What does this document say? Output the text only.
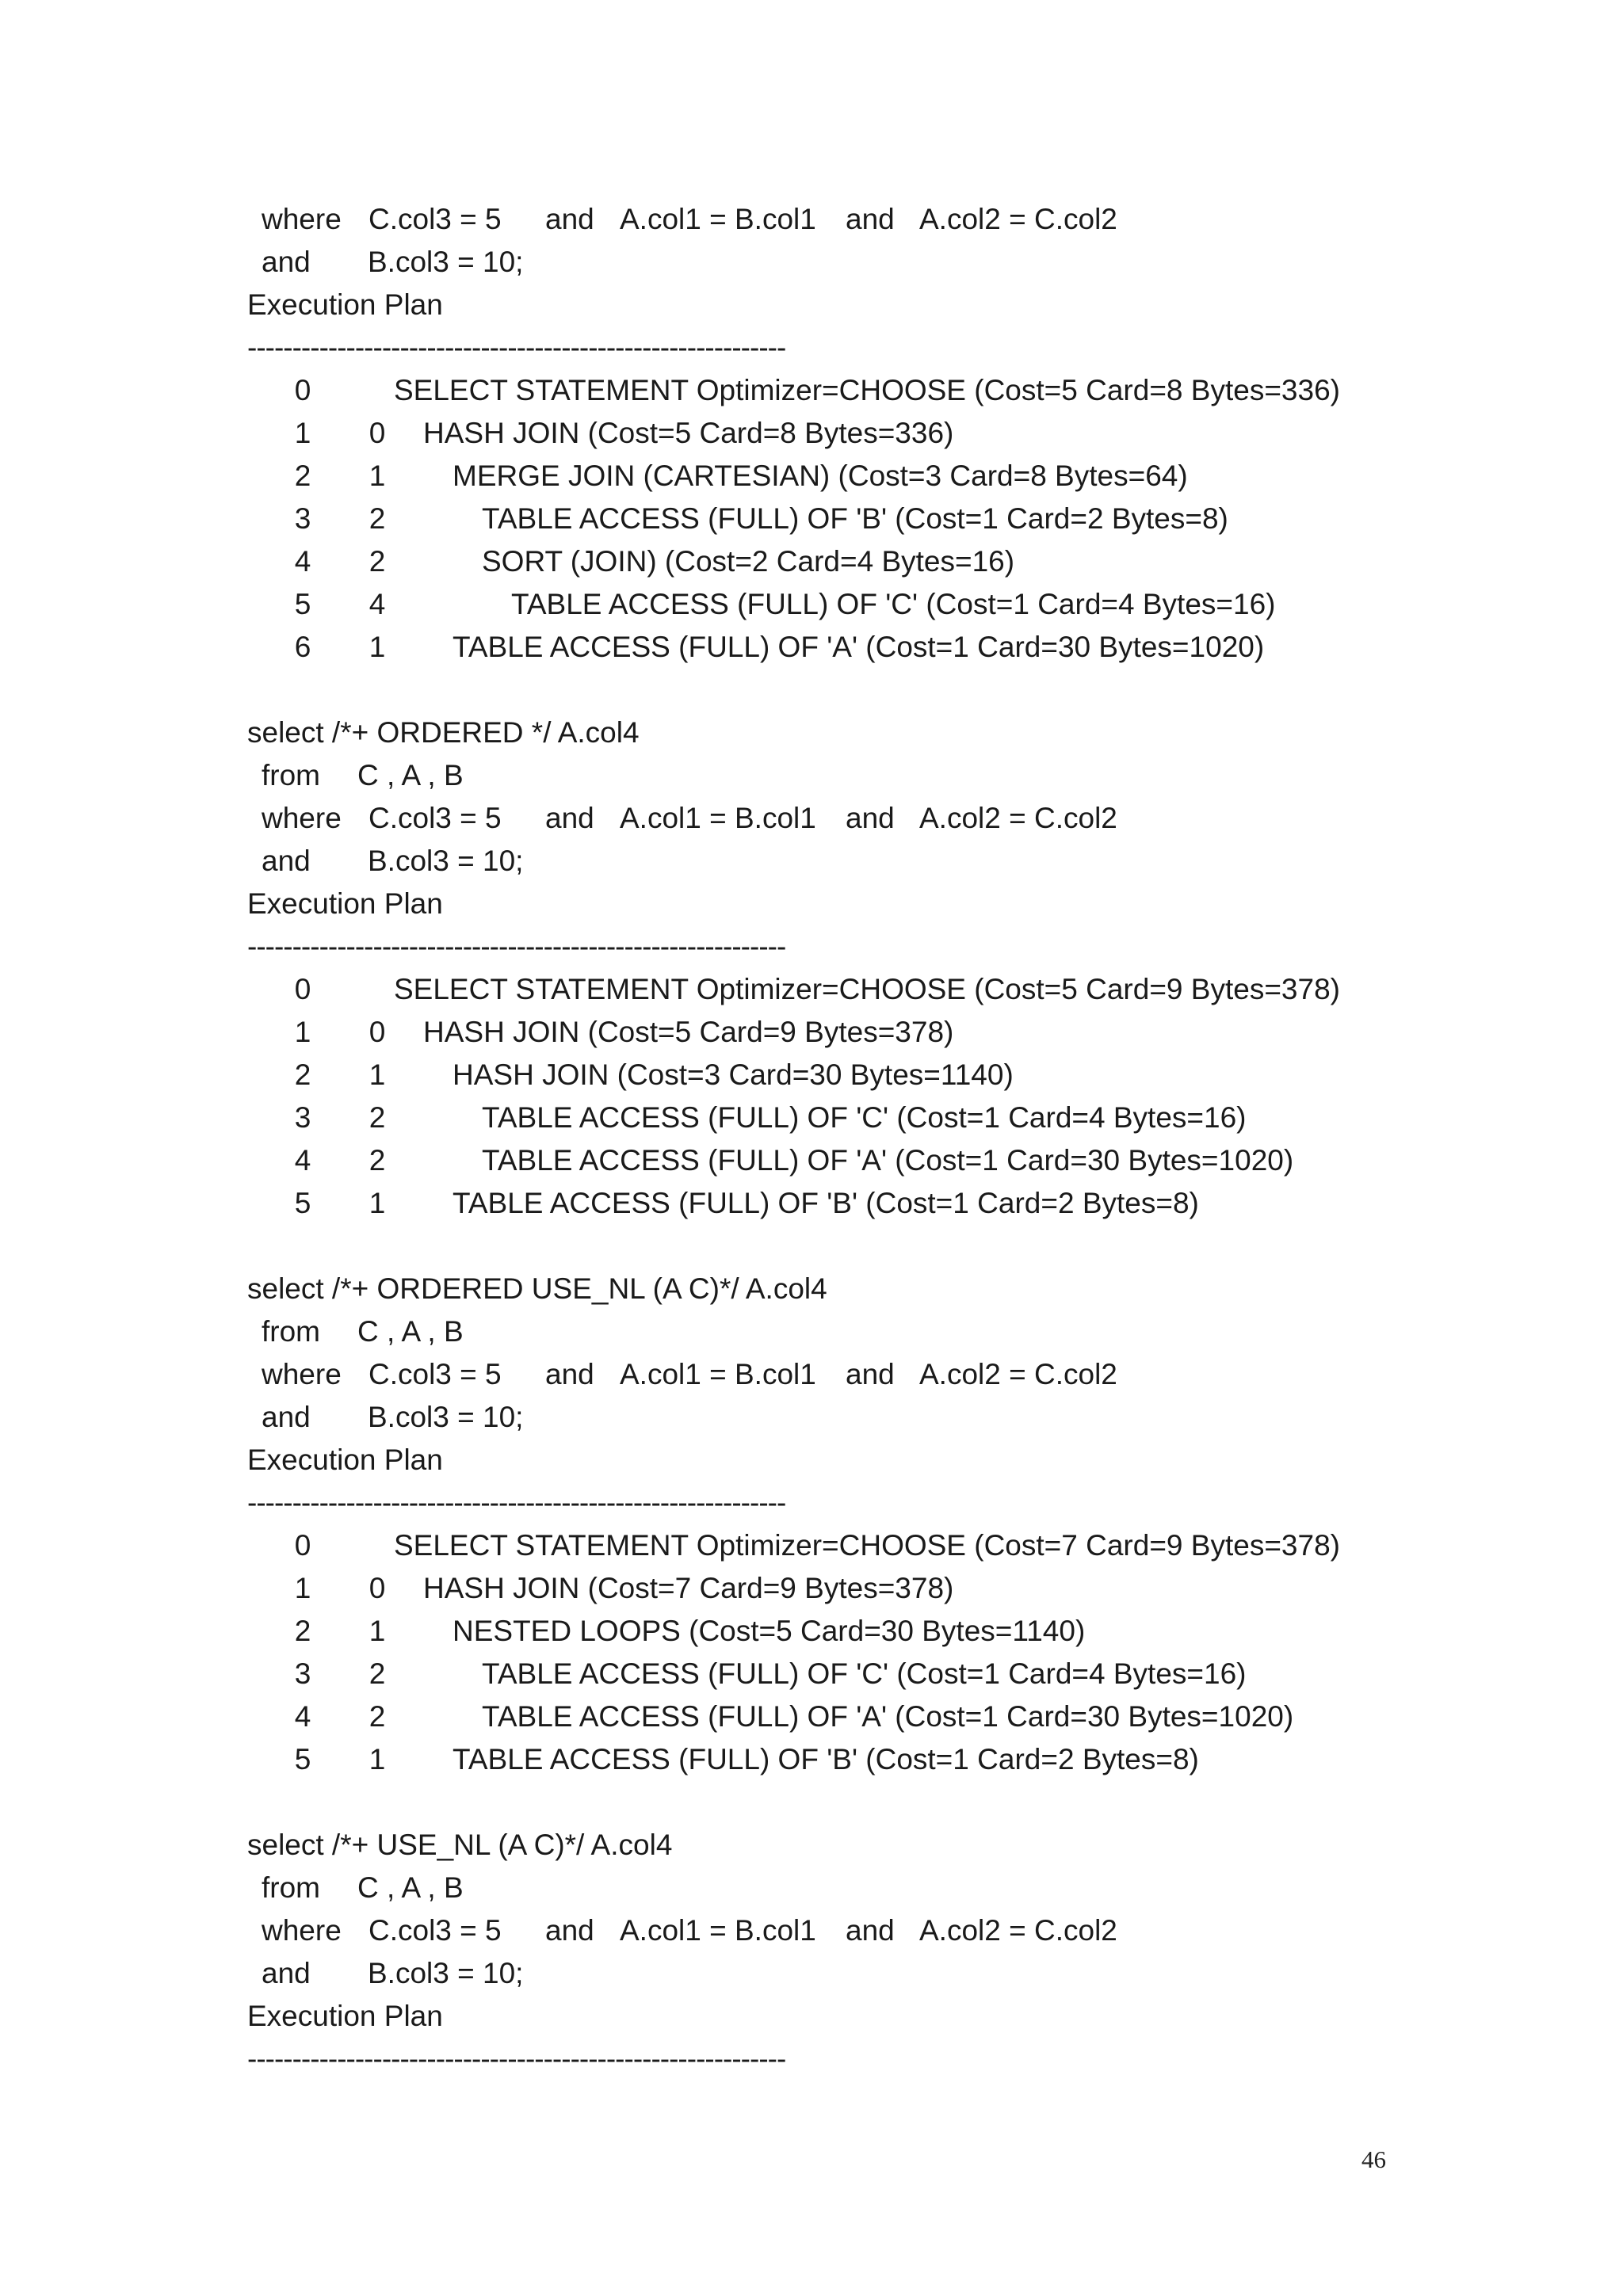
where C.col3 = 5 and A.col1 = B.col1 and A.col2 = C.col2
and B.col3 = 10;
Execution Plan
------------------------------------------------------------
0	SELECT STATEMENT Optimizer=CHOOSE (Cost=5 Card=8 Bytes=336)
1 0 HASH JOIN (Cost=5 Card=8 Bytes=336)
2 1 MERGE JOIN (CARTESIAN) (Cost=3 Card=8 Bytes=64)
3 2	TABLE ACCESS (FULL) OF 'B' (Cost=1 Card=2 Bytes=8)
4 2	SORT (JOIN) (Cost=2 Card=4 Bytes=16)
5 4	TABLE ACCESS (FULL) OF 'C' (Cost=1 Card=4 Bytes=16)
6 1 TABLE ACCESS (FULL) OF 'A' (Cost=1 Card=30 Bytes=1020)
select /*+ ORDERED */ A.col4
from C , A , B
where C.col3 = 5 and A.col1 = B.col1 and A.col2 = C.col2
and B.col3 = 10;
Execution Plan
------------------------------------------------------------
0	SELECT STATEMENT Optimizer=CHOOSE (Cost=5 Card=9 Bytes=378)
1 0 HASH JOIN (Cost=5 Card=9 Bytes=378)
2 1 HASH JOIN (Cost=3 Card=30 Bytes=1140)
3 2	TABLE ACCESS (FULL) OF 'C' (Cost=1 Card=4 Bytes=16)
4 2	TABLE ACCESS (FULL) OF 'A' (Cost=1 Card=30 Bytes=1020)
5 1 TABLE ACCESS (FULL) OF 'B' (Cost=1 Card=2 Bytes=8)
select /*+ ORDERED USE_NL (A C)*/ A.col4
from C , A , B
where C.col3 = 5 and A.col1 = B.col1 and A.col2 = C.col2
and B.col3 = 10;
Execution Plan
------------------------------------------------------------
0	SELECT STATEMENT Optimizer=CHOOSE (Cost=7 Card=9 Bytes=378)
1 0 HASH JOIN (Cost=7 Card=9 Bytes=378)
2 1 NESTED LOOPS (Cost=5 Card=30 Bytes=1140)
3 2	TABLE ACCESS (FULL) OF 'C' (Cost=1 Card=4 Bytes=16)
4 2	TABLE ACCESS (FULL) OF 'A' (Cost=1 Card=30 Bytes=1020)
5 1 TABLE ACCESS (FULL) OF 'B' (Cost=1 Card=2 Bytes=8)
select /*+ USE_NL (A C)*/ A.col4
from C , A , B
where C.col3 = 5 and A.col1 = B.col1 and A.col2 = C.col2
and B.col3 = 10;
Execution Plan
------------------------------------------------------------
46
